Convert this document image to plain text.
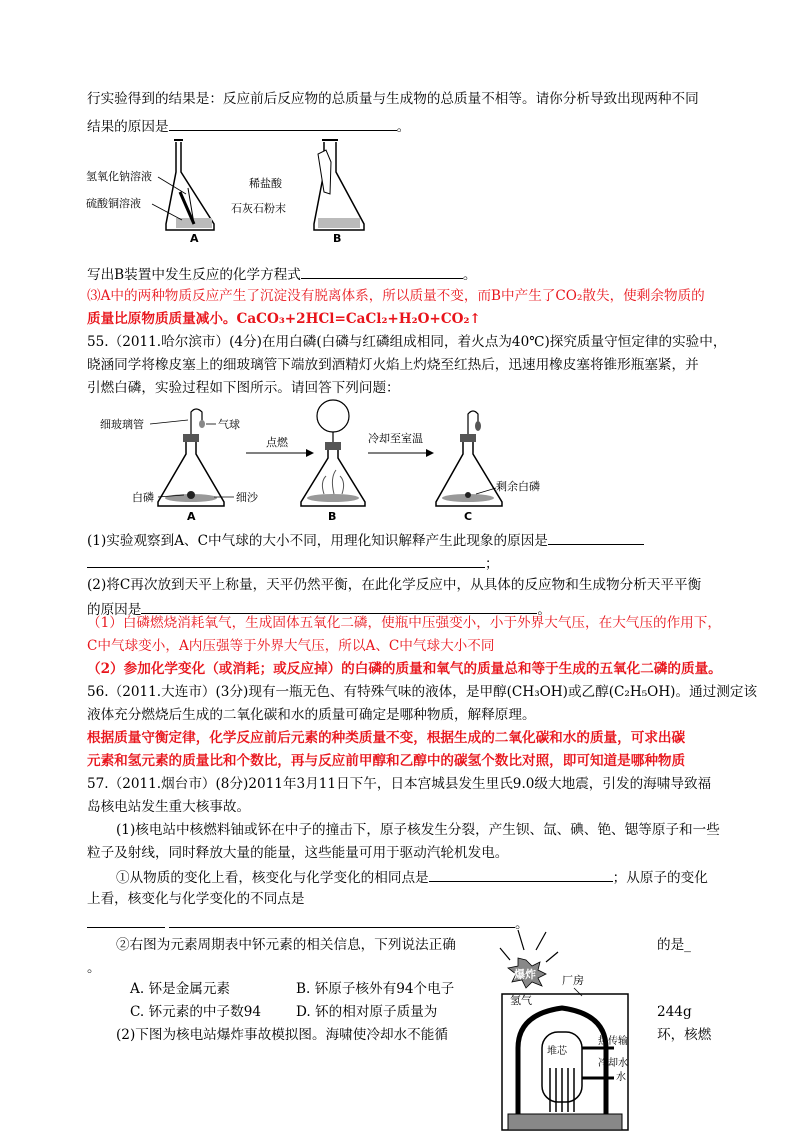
行实验得到的结果是：反应前后反应物的总质量与生成物的总质量不相等。请你分析导致出现两种不同
结果的原因是	。
氢氧化钠溶液
硫酸铜溶液
A
稀盐酸
石灰石粉末
B
写出B装置中发生反应的化学方程式	。
⑶A中的两种物质反应产生了沉淀没有脱离体系，所以质量不变，而B中产生了CO₂散失，使剩余物质的
质量比原物质质量减小。CaCO₃+2HCl=CaCl₂+H₂O+CO₂↑
55.（2011.哈尔滨市）(4分)在用白磷(白磷与红磷组成相同，着火点为40℃)探究质量守恒定律的实验中，
晓涵同学将橡皮塞上的细玻璃管下端放到酒精灯火焰上灼烧至红热后，迅速用橡皮塞将锥形瓶塞紧，并
引燃白磷，实验过程如下图所示。请回答下列问题：
细玻璃管	气球
白磷	细沙
A
点燃
B
冷却至室温
剩余白磷
C
(1)实验观察到A、C中气球的大小不同，用理化知识解释产生此现象的原因是
；
(2)将C再次放到天平上称量，天平仍然平衡，在此化学反应中，从具体的反应物和生成物分析天平平衡
的原因是	。
（1）白磷燃烧消耗氧气，生成固体五氧化二磷，使瓶中压强变小，小于外界大气压，在大气压的作用下，
C中气球变小，A内压强等于外界大气压，所以A、C中气球大小不同
（2）参加化学变化（或消耗；或反应掉）的白磷的质量和氧气的质量总和等于生成的五氧化二磷的质量。
56.（2011.大连市）(3分)现有一瓶无色、有特殊气味的液体，是甲醇(CH₃OH)或乙醇(C₂H₅OH)。通过测定该
液体充分燃烧后生成的二氧化碳和水的质量可确定是哪种物质，解释原理。
根据质量守衡定律，化学反应前后元素的种类质量不变，根据生成的二氧化碳和水的质量，可求出碳
元素和氢元素的质量比和个数比，再与反应前甲醇和乙醇中的碳氢个数比对照，即可知道是哪种物质
57.（2011.烟台市）(8分)2011年3月11日下午，日本宫城县发生里氏9.0级大地震，引发的海啸导致福
岛核电站发生重大核事故。
(1)核电站中核燃料铀或钚在中子的撞击下，原子核发生分裂，产生钡、氙、碘、铯、锶等原子和一些
粒子及射线，同时释放大量的能量，这些能量可用于驱动汽轮机发电。
①从物质的变化上看，核变化与化学变化的相同点是	；从原子的变化
上看，核变化与化学变化的不同点是
。
②右图为元素周期表中钚元素的相关信息，下列说法正确	的是_
。
A. 钚是金属元素	B. 钚原子核外有94个电子
C. 钚元素的中子数94	D. 钚的相对原子质量为	244g
(2)下图为核电站爆炸事故模拟图。海啸使冷却水不能循	环，核燃
爆炸
氢气
厂房
堆芯
热传输
冷却水
水
